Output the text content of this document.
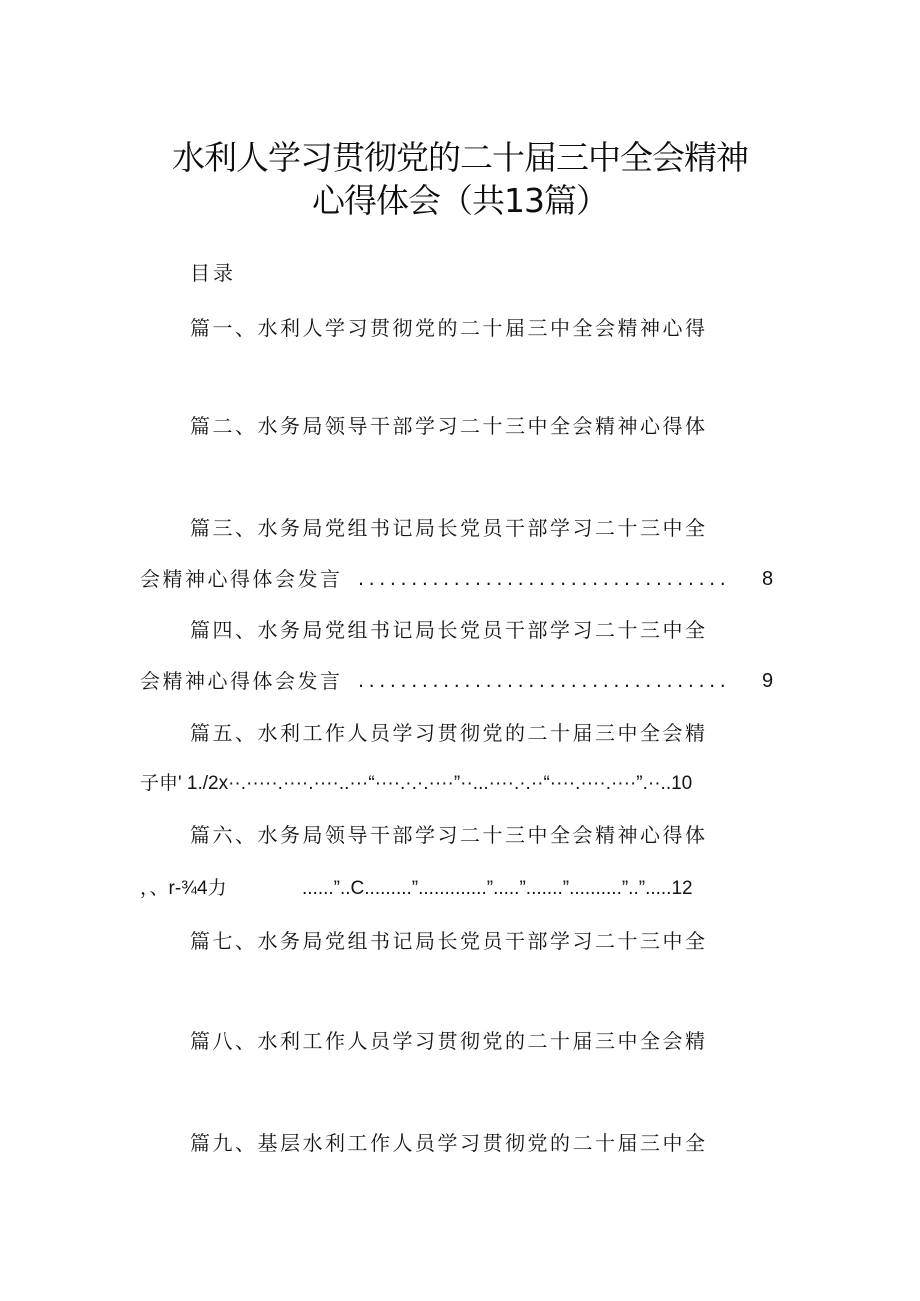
水利人学习贯彻党的二十届三中全会精神
心得体会（共13篇）
目录
篇一、水利人学习贯彻党的二十届三中全会精神心得
篇二、水务局领导干部学习二十三中全会精神心得体
篇三、水务局党组书记局长党员干部学习二十三中全
会精神心得体会发言 ................................... 8
篇四、水务局党组书记局长党员干部学习二十三中全
会精神心得体会发言 ................................... 9
篇五、水利工作人员学习贯彻党的二十届三中全会精
子申' 1./2x··.·····.····.····..···“····.·.·.····”··...····.·.··“····.····.····”.··..10
篇六、水务局领导干部学习二十三中全会精神心得体
，、r-¾4力	......”..C.........”.............”.....”.......”..........”..”.....12
篇七、水务局党组书记局长党员干部学习二十三中全
篇八、水利工作人员学习贯彻党的二十届三中全会精
篇九、基层水利工作人员学习贯彻党的二十届三中全
